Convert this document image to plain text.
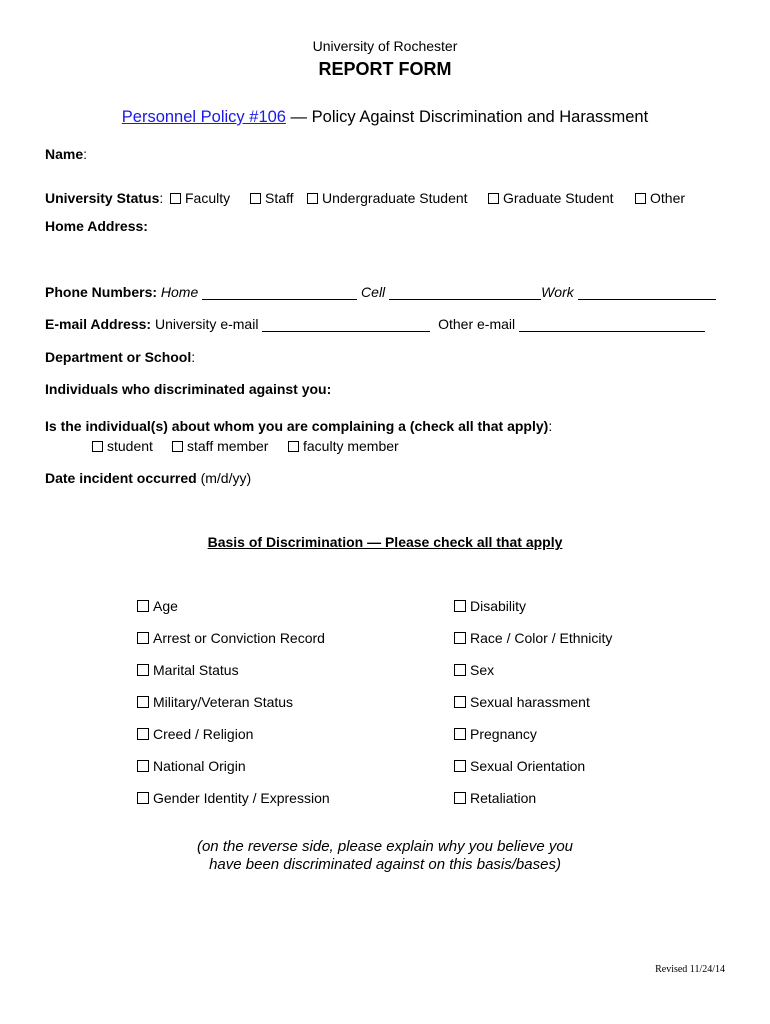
University of Rochester
REPORT FORM
Personnel Policy #106 — Policy Against Discrimination and Harassment
Name:
University Status:	Faculty	Staff	Undergraduate Student	Graduate Student	Other
Home Address:
Phone Numbers: Home	Cell	Work
E-mail Address: University e-mail	Other e-mail
Department or School:
Individuals who discriminated against you:
Is the individual(s) about whom you are complaining a (check all that apply):
student	staff member	faculty member
Date incident occurred (m/d/yy)
Basis of Discrimination — Please check all that apply
Age
Arrest or Conviction Record
Marital Status
Military/Veteran Status
Creed / Religion
National Origin
Gender Identity / Expression
Disability
Race / Color / Ethnicity
Sex
Sexual harassment
Pregnancy
Sexual Orientation
Retaliation
(on the reverse side, please explain why you believe you
have been discriminated against on this basis/bases)
Revised 11/24/14
